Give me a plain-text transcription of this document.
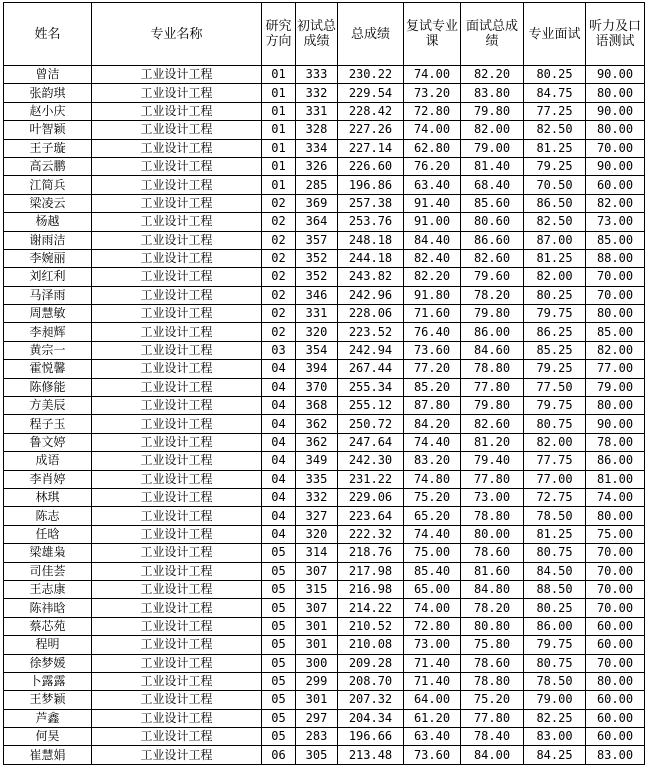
姓名	专业名称	研究方向	初试总成绩	总成绩	复试专业课	面试总成绩	专业面试	听力及口语测试
曾洁	工业设计工程	01	333	230.22	74.00	82.20	80.25	90.00
张韵琪	工业设计工程	01	332	229.54	73.20	83.80	84.75	80.00
赵小庆	工业设计工程	01	331	228.42	72.80	79.80	77.25	90.00
叶智颖	工业设计工程	01	328	227.26	74.00	82.00	82.50	80.00
王子璇	工业设计工程	01	334	227.14	62.80	79.00	81.25	70.00
高云鹏	工业设计工程	01	326	226.60	76.20	81.40	79.25	90.00
江简兵	工业设计工程	01	285	196.86	63.40	68.40	70.50	60.00
梁凌云	工业设计工程	02	369	257.38	91.40	85.60	86.50	82.00
杨越	工业设计工程	02	364	253.76	91.00	80.60	82.50	73.00
谢雨洁	工业设计工程	02	357	248.18	84.40	86.60	87.00	85.00
李婉丽	工业设计工程	02	352	244.18	82.40	82.60	81.25	88.00
刘红利	工业设计工程	02	352	243.82	82.20	79.60	82.00	70.00
马泽雨	工业设计工程	02	346	242.96	91.80	78.20	80.25	70.00
周慧敏	工业设计工程	02	331	228.06	71.60	79.80	79.75	80.00
李昶辉	工业设计工程	02	320	223.52	76.40	86.00	86.25	85.00
黄宗一	工业设计工程	03	354	242.94	73.60	84.60	85.25	82.00
霍悦馨	工业设计工程	04	394	267.44	77.20	78.80	79.25	77.00
陈修能	工业设计工程	04	370	255.34	85.20	77.80	77.50	79.00
方美辰	工业设计工程	04	368	255.12	87.80	79.80	79.75	80.00
程子玉	工业设计工程	04	362	250.72	84.20	82.60	80.75	90.00
鲁文婷	工业设计工程	04	362	247.64	74.40	81.20	82.00	78.00
成语	工业设计工程	04	349	242.30	83.20	79.40	77.75	86.00
李肖婷	工业设计工程	04	335	231.22	74.80	77.80	77.00	81.00
林琪	工业设计工程	04	332	229.06	75.20	73.00	72.75	74.00
陈志	工业设计工程	04	327	223.64	65.20	78.80	78.50	80.00
任晗	工业设计工程	04	320	222.32	74.40	80.00	81.25	75.00
梁雄枭	工业设计工程	05	314	218.76	75.00	78.60	80.75	70.00
司佳荟	工业设计工程	05	307	217.98	85.40	81.60	84.50	70.00
王志康	工业设计工程	05	315	216.98	65.00	84.80	88.50	70.00
陈祎晗	工业设计工程	05	307	214.22	74.00	78.20	80.25	70.00
蔡芯苑	工业设计工程	05	301	210.52	72.80	80.80	86.00	60.00
程明	工业设计工程	05	301	210.08	73.00	75.80	79.75	60.00
徐梦媛	工业设计工程	05	300	209.28	71.40	78.60	80.75	70.00
卜露露	工业设计工程	05	299	208.70	71.40	78.80	78.50	80.00
王梦颖	工业设计工程	05	301	207.32	64.00	75.20	79.00	60.00
芦鑫	工业设计工程	05	297	204.34	61.20	77.80	82.25	60.00
何昊	工业设计工程	05	283	196.66	63.40	78.40	83.00	60.00
崔慧娟	工业设计工程	06	305	213.48	73.60	84.00	84.25	83.00
